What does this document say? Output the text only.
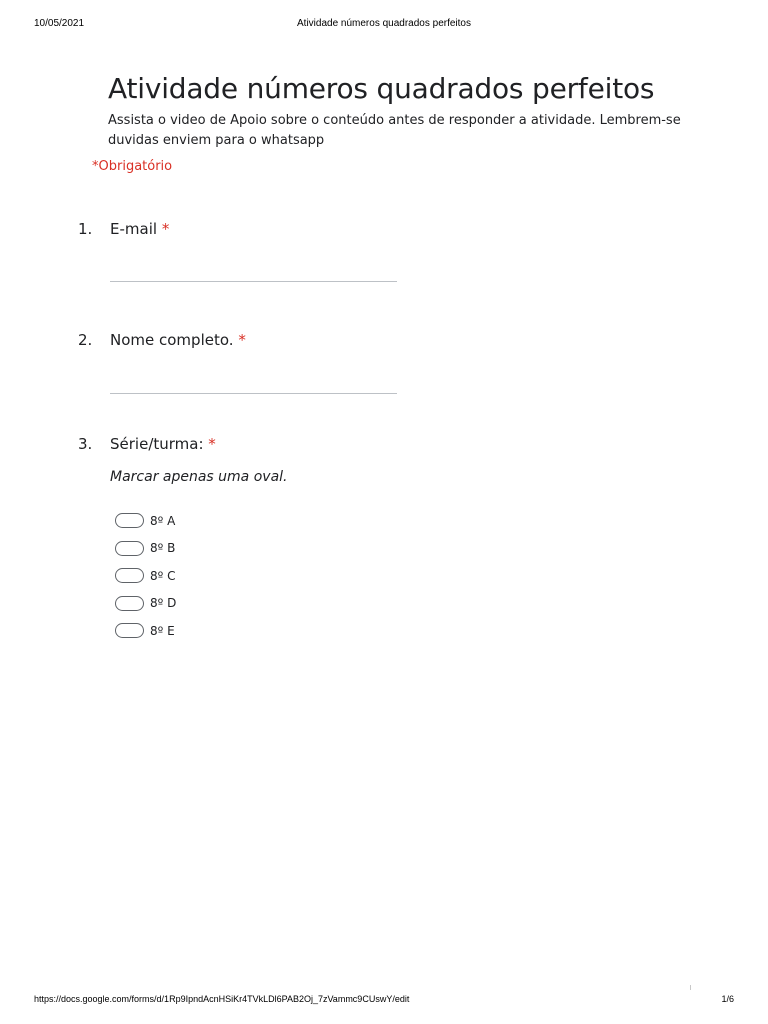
10/05/2021	Atividade números quadrados perfeitos
Atividade números quadrados perfeitos
Assista o video de Apoio sobre o conteúdo antes de responder a atividade. Lembrem-se duvidas enviem para o whatsapp
*Obrigatório
1. E-mail *
2. Nome completo. *
3. Série/turma: *
Marcar apenas uma oval.
8º A
8º B
8º C
8º D
8º E
https://docs.google.com/forms/d/1Rp9IpndAcnHSiKr4TVkLDl6PAB2Oj_7zVammc9CUswY/edit	1/6
